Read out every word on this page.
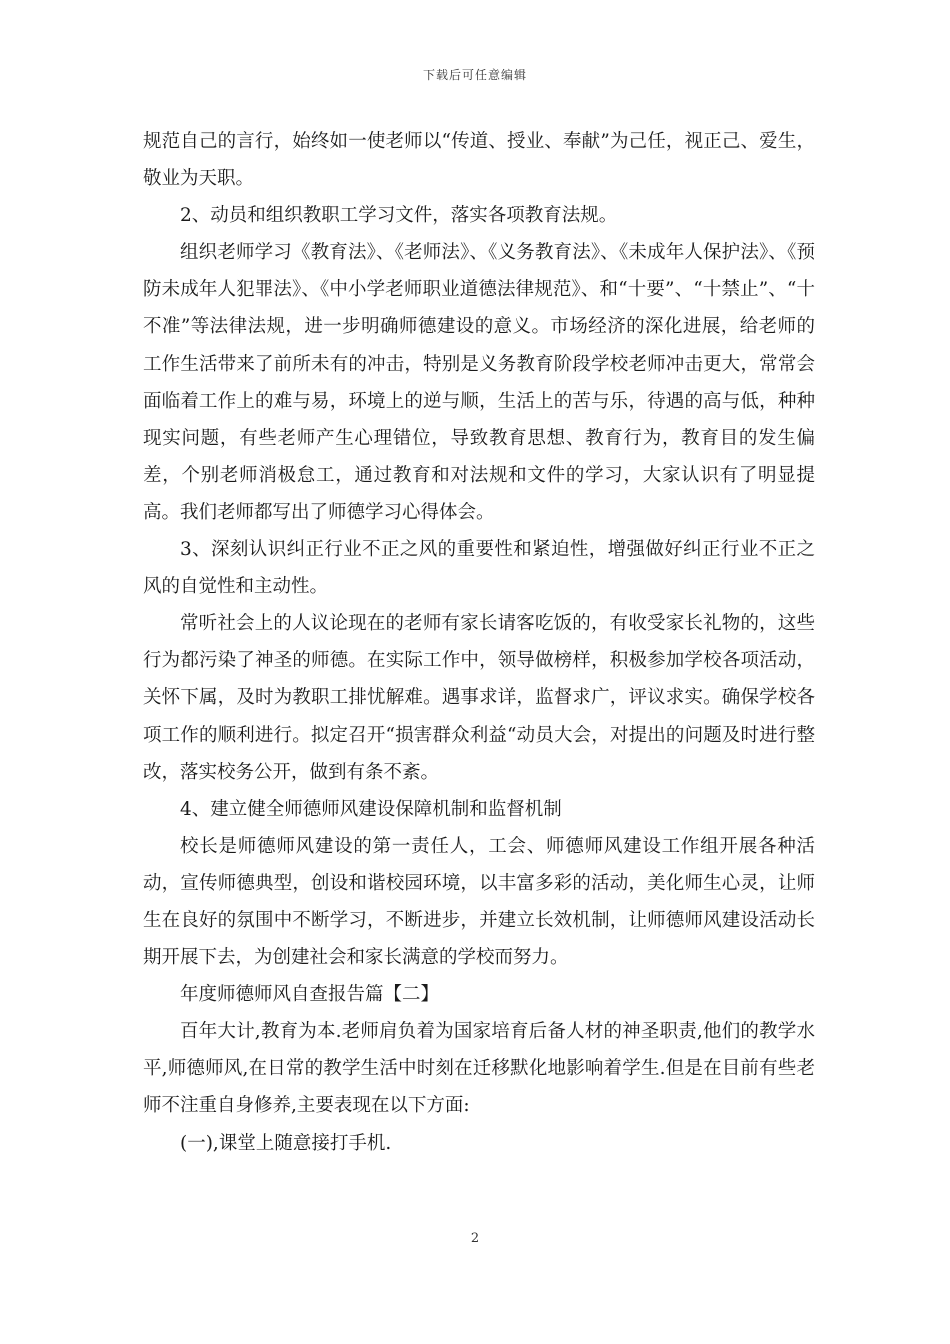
下载后可任意编辑

规范自己的言行，始终如一使老师以“传道、授业、奉献”为己任，视正己、爱生，敬业为天职。

2、动员和组织教职工学习文件，落实各项教育法规。

组织老师学习《教育法》、《老师法》、《义务教育法》、《未成年人保护法》、《预防未成年人犯罪法》、《中小学老师职业道德法律规范》、和“十要”、“十禁止”、“十不准”等法律法规，进一步明确师德建设的意义。市场经济的深化进展，给老师的工作生活带来了前所未有的冲击，特别是义务教育阶段学校老师冲击更大，常常会面临着工作上的难与易，环境上的逆与顺，生活上的苦与乐，待遇的高与低，种种现实问题，有些老师产生心理错位，导致教育思想、教育行为，教育目的发生偏差，个别老师消极怠工，通过教育和对法规和文件的学习，大家认识有了明显提高。我们老师都写出了师德学习心得体会。

3、深刻认识纠正行业不正之风的重要性和紧迫性，增强做好纠正行业不正之风的自觉性和主动性。

常听社会上的人议论现在的老师有家长请客吃饭的，有收受家长礼物的，这些行为都污染了神圣的师德。在实际工作中，领导做榜样，积极参加学校各项活动，关怀下属，及时为教职工排忧解难。遇事求详，监督求广，评议求实。确保学校各项工作的顺利进行。拟定召开“损害群众利益“动员大会，对提出的问题及时进行整改，落实校务公开，做到有条不紊。

4、建立健全师德师风建设保障机制和监督机制

校长是师德师风建设的第一责任人，工会、师德师风建设工作组开展各种活动，宣传师德典型，创设和谐校园环境，以丰富多彩的活动，美化师生心灵，让师生在良好的氛围中不断学习，不断进步，并建立长效机制，让师德师风建设活动长期开展下去，为创建社会和家长满意的学校而努力。

年度师德师风自查报告篇【二】

百年大计,教育为本.老师肩负着为国家培育后备人材的神圣职责,他们的教学水平,师德师风,在日常的教学生活中时刻在迁移默化地影响着学生.但是在目前有些老师不注重自身修养,主要表现在以下方面:

(一),课堂上随意接打手机.

2
